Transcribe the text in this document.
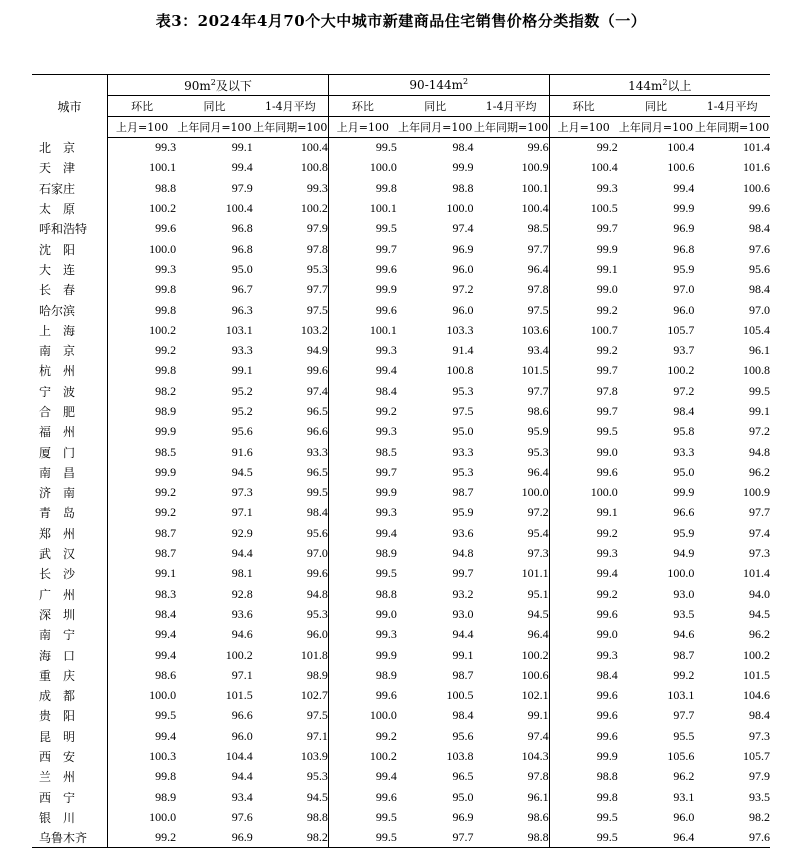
表3：2024年4月70个大中城市新建商品住宅销售价格分类指数（一）
城市	$90m^2$及以下			$90-144m^2$			$144m^2$以上		
	环比	同比	1-4月平均	环比	同比	1-4月平均	环比	同比	1-4月平均
	上月=100	上年同月=100	上年同期=100	上月=100	上年同月=100	上年同期=100	上月=100	上年同月=100	上年同期=100
北　京	99.3	99.1	100.4	99.5	98.4	99.6	99.2	100.4	101.4
天　津	100.1	99.4	100.8	100.0	99.9	100.9	100.4	100.6	101.6
石家庄	98.8	97.9	99.3	99.8	98.8	100.1	99.3	99.4	100.6
太　原	100.2	100.4	100.2	100.1	100.0	100.4	100.5	99.9	99.6
呼和浩特	99.6	96.8	97.9	99.5	97.4	98.5	99.7	96.9	98.4
沈　阳	100.0	96.8	97.8	99.7	96.9	97.7	99.9	96.8	97.6
大　连	99.3	95.0	95.3	99.6	96.0	96.4	99.1	95.9	95.6
长　春	99.8	96.7	97.7	99.9	97.2	97.8	99.0	97.0	98.4
哈尔滨	99.8	96.3	97.5	99.6	96.0	97.5	99.2	96.0	97.0
上　海	100.2	103.1	103.2	100.1	103.3	103.6	100.7	105.7	105.4
南　京	99.2	93.3	94.9	99.3	91.4	93.4	99.2	93.7	96.1
杭　州	99.8	99.1	99.6	99.4	100.8	101.5	99.7	100.2	100.8
宁　波	98.2	95.2	97.4	98.4	95.3	97.7	97.8	97.2	99.5
合　肥	98.9	95.2	96.5	99.2	97.5	98.6	99.7	98.4	99.1
福　州	99.9	95.6	96.6	99.3	95.0	95.9	99.5	95.8	97.2
厦　门	98.5	91.6	93.3	98.5	93.3	95.3	99.0	93.3	94.8
南　昌	99.9	94.5	96.5	99.7	95.3	96.4	99.6	95.0	96.2
济　南	99.2	97.3	99.5	99.9	98.7	100.0	100.0	99.9	100.9
青　岛	99.2	97.1	98.4	99.3	95.9	97.2	99.1	96.6	97.7
郑　州	98.7	92.9	95.6	99.4	93.6	95.4	99.2	95.9	97.4
武　汉	98.7	94.4	97.0	98.9	94.8	97.3	99.3	94.9	97.3
长　沙	99.1	98.1	99.6	99.5	99.7	101.1	99.4	100.0	101.4
广　州	98.3	92.8	94.8	98.8	93.2	95.1	99.2	93.0	94.0
深　圳	98.4	93.6	95.3	99.0	93.0	94.5	99.6	93.5	94.5
南　宁	99.4	94.6	96.0	99.3	94.4	96.4	99.0	94.6	96.2
海　口	99.4	100.2	101.8	99.9	99.1	100.2	99.3	98.7	100.2
重　庆	98.6	97.1	98.9	98.9	98.7	100.6	98.4	99.2	101.5
成　都	100.0	101.5	102.7	99.6	100.5	102.1	99.6	103.1	104.6
贵　阳	99.5	96.6	97.5	100.0	98.4	99.1	99.6	97.7	98.4
昆　明	99.4	96.0	97.1	99.2	95.6	97.4	99.6	95.5	97.3
西　安	100.3	104.4	103.9	100.2	103.8	104.3	99.9	105.6	105.7
兰　州	99.8	94.4	95.3	99.4	96.5	97.8	98.8	96.2	97.9
西　宁	98.9	93.4	94.5	99.6	95.0	96.1	99.8	93.1	93.5
银　川	100.0	97.6	98.8	99.5	96.9	98.6	99.5	96.0	98.2
乌鲁木齐	99.2	96.9	98.2	99.5	97.7	98.8	99.5	96.4	97.6
